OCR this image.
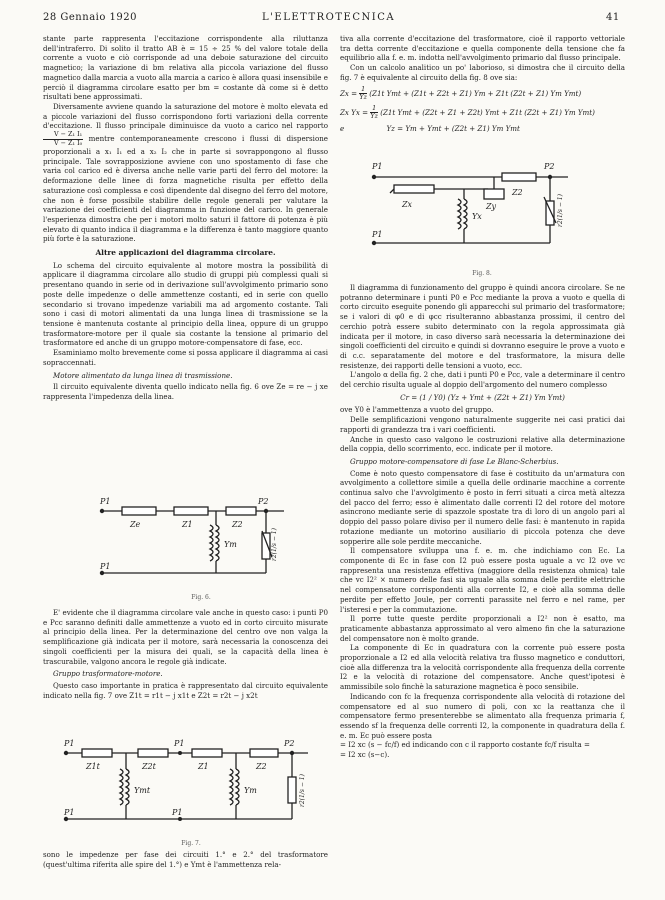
28 Gennaio 1920	L'ELETTROTECNICA	41

stante parte rappresenta l'eccitazione corrispondente alla riluttanza dell'intraferro. Di solito il tratto AB è = 15 ÷ 25 % del valore totale della corrente a vuoto e ciò corrisponde ad una deboie saturazione del circuito magnetico; la variazione di bm relativa alla piccola variazione del flusso magnetico dalla marcia a vuoto alla marcia a carico è allora quasi insensibile e perciò il diagramma circolare esatto per bm = costante dà come si è detto risultati bene approssimati.

Diversamente avviene quando la saturazione del motore è molto elevata ed a piccole variazioni del flusso corrispondono forti variazioni della corrente d'eccitazione. Il flusso principale diminuisce da vuoto a carico nel rapporto
$\frac{\text{V − Z₁ I₁}}{\text{V − Z₁ I₀}}$ mentre contemporaneamente crescono i flussi di dispersione proporzionali a x₁ I₁ ed a x₂ I₂ che in parte si sovrappongono al flusso principale. Tale sovrapposizione avviene con uno spostamento di fase che varia col carico ed è diversa anche nelle varie parti del ferro del motore: la deformazione delle linee di forza magnetiche risulta per effetto della saturazione così complessa e così dipendente dal disegno del ferro del motore, che non è forse possibile stabilire delle regole generali per valutare la variazione dei coefficienti del diagramma in funzione del carico. In generale l'esperienza dimostra che per i motori molto saturi il fattore di potenza è più elevato di quanto indica il diagramma e la differenza è tanto maggiore quanto più forte è la saturazione.

Altre applicazioni del diagramma circolare.

Lo schema del circuito equivalente al motore mostra la possibilità di applicare il diagramma circolare allo studio di gruppi più complessi quali si presentano quando in serie od in derivazione sull'avvolgimento primario sono poste delle impedenze o delle ammettenze costanti, ed in serie con quello secondario si trovano impedenze variabili ma ad argomento costante. Tali sono i casi di motori alimentati da una lunga linea di trasmissione se la tensione è mantenuta costante al principio della linea, oppure di un gruppo trasformatore-motore per il quale sia costante la tensione al primario del trasformatore ed anche di un gruppo motore-compensatore di fase, ecc.

Esaminiamo molto brevemente come si possa applicare il diagramma ai casi sopraccennati.

Motore alimentato da lunga linea di trasmissione.

Il circuito equivalente diventa quello indicato nella fig. 6 ove Ze = re − j xe rappresenta l'impedenza della linea.

P1
P1
P2
Ze	Z1	Z2
Ym	r2(1/s − 1)
Fig. 6.

E' evidente che il diagramma circolare vale anche in questo caso: i punti P0 e Pcc saranno definiti dalle ammettenze a vuoto ed in corto circuito misurate al principio della linea. Per la determinazione del centro ove non valga la semplificazione già indicata per il motore, sarà necessaria la conoscenza dei singoli coefficienti per la misura dei quali, se la capacità della linea è trascurabile, valgono ancora le regole già indicate.

Gruppo trasformatore-motore.

Questo caso importante in pratica è rappresentato dal circuito equivalente indicato nella fig. 7 ove Z1t = r1t − j x1t e Z2t = r2t − j x2t

P1	P1
P1	P1
P2
Z1t	Z2t	Z1	Z2
Ymt	Ym	r2(1/s − 1)
Fig. 7.

sono le impedenze per fase dei circuiti 1.° e 2.° del trasformatore (quest'ultima riferita alle spire del 1.°) e Ymt è l'ammettenza rela-

tiva alla corrente d'eccitazione del trasformatore, cioè il rapporto vettoriale tra detta corrente d'eccitazione e quella componente della tensione che fa equilibrio alla f. e. m. indotta nell'avvolgimento primario dal flusso principale.

Con un calcolo analitico un po' laborioso, si dimostra che il circuito della fig. 7 è equivalente al circuito della fig. 8 ove sia:

$Zx = \frac{1}{Yz} (Z1t$ Ymt + (Z1t + Z2t + Z1) Ym + Z1t (Z2t + Z1) Ym Ymt)
Zx $Yx = \frac{1}{Yz} (Z1t$ Ymt + (Z2t + Z1 + Z2t) Ymt + Z1t (Z2t + Z1) Ym Ymt)
e	Yz = Ym + Ymt + (Z2t + Z1) Ym Ymt
P1
P1
P2
Zx	Zy
Z2
Yx	r2(1/s − 1)
Fig. 8.

Il diagramma di funzionamento del gruppo è quindi ancora circolare. Se ne potranno determinare i punti P0 e Pcc mediante la prova a vuoto e quella di corto circuito eseguite ponendo gli apparecchi sul primario del trasformatore; se i valori di φ0 e di φcc risulteranno abbastanza prossimi, il centro del cerchio potrà essere subito determinato con la regola approssimata già indicata per il motore, in caso diverso sarà necessaria la determinazione dei singoli coefficienti del circuito e quindi si dovranno eseguire le prove a vuoto e di c.c. separatamente del motore e del trasformatore, la misura delle resistenze, dei rapporti delle tensioni a vuoto, ecc.

L'angolo α della fig. 2 che, dati i punti P0 e Pcc, vale a determinare il centro del cerchio risulta uguale al doppio dell'argomento del numero complesso

Cr = (1 / Y0) (Yz + Ymt + (Z2t + Z1) Ym Ymt)

ove Y0 è l'ammettenza a vuoto del gruppo.

Delle semplificazioni vengono naturalmente suggerite nei casi pratici dai rapporti di grandezza tra i vari coefficienti.

Anche in questo caso valgono le costruzioni relative alla determinazione della coppia, dello scorrimento, ecc. indicate per il motore.

Gruppo motore-compensatore di fase Le Blanc-Scherbius.

Come è noto questo compensatore di fase è costituito da un'armatura con avvolgimento a collettore simile a quella delle ordinarie macchine a corrente continua salvo che l'avvolgimento è posto in ferri situati a circa metà altezza del pacco del ferro; esso è alimentato dalle correnti I2 del rotore del motore asincrono mediante serie di spazzole spostate tra di loro di un angolo pari al doppio del passo polare diviso per il numero delle fasi: è mantenuto in rapida rotazione mediante un motorino ausiliario di piccola potenza che deve sopperire alle sole perdite meccaniche.

Il compensatore sviluppa una f. e. m. che indichiamo con Ec. La componente di Ec in fase con I2 può essere posta uguale a vc I2 ove vc rappresenta una resistenza effettiva (maggiore della resistenza ohmica) tale che vc I2² × numero delle fasi sia uguale alla somma delle perdite elettriche nel compensatore corrispondenti alla corrente I2, e cioè alla somma delle perdite per effetto Joule, per correnti parassite nel ferro e nel rame, per l'isteresi e per la commutazione.

Il porre tutte queste perdite proporzionali a I2² non è esatto, ma praticamente abbastanza approssimato al vero almeno fin che la saturazione del compensatore non è molto grande.

La componente di Ec in quadratura con la corrente può essere posta proporzionale a I2 ed alla velocità relativa tra flusso magnetico e conduttori, cioè alla differenza tra la velocità corrispondente alla frequenza della corrente I2 e la velocità di rotazione del compensatore. Anche quest'ipotesi è ammissibile solo finchè la saturazione magnetica è poco sensibile.

Indicando con fc la frequenza corrispondente alla velocità di rotazione del compensatore ed al suo numero di poli, con xc la reattanza che il compensatore fermo presenterebbe se alimentato alla frequenza primaria f, essendo sf la frequenza delle correnti I2, la componente in quadratura della f. e. m. Ec può essere posta

= I2 xc (s − fc/f) ed indicando con c il rapporto costante fc/f risulta =

= I2 xc (s−c).
